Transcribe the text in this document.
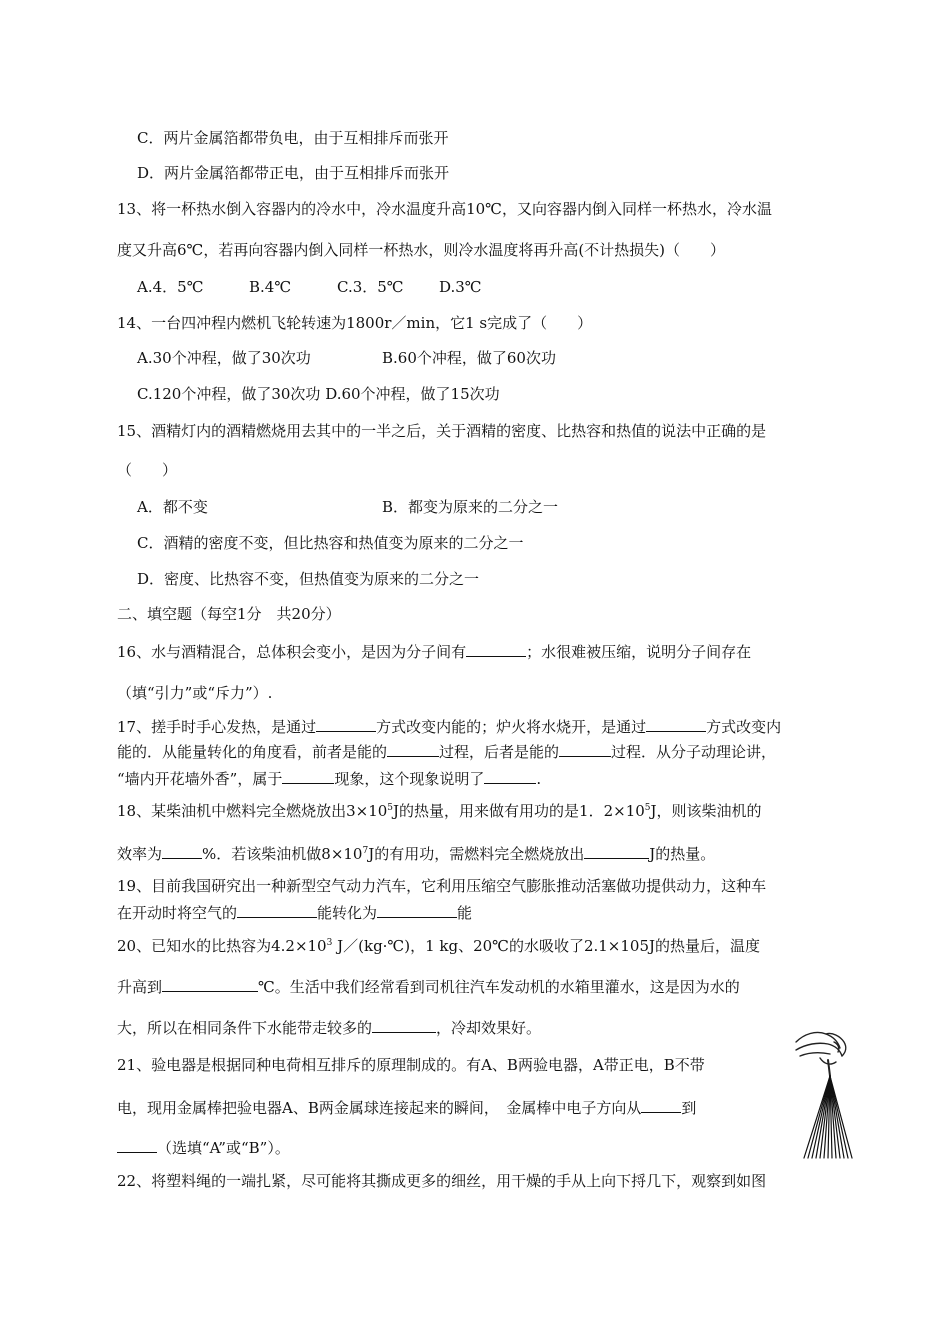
C．两片金属箔都带负电，由于互相排斥而张开
D．两片金属箔都带正电，由于互相排斥而张开
13、将一杯热水倒入容器内的冷水中，冷水温度升高10℃，又向容器内倒入同样一杯热水，冷水温
度又升高6℃，若再向容器内倒入同样一杯热水，则冷水温度将再升高(不计热损失)（　　）
A.4．5℃	B.4℃	C.3．5℃ D.3℃
14、一台四冲程内燃机飞轮转速为1800r／min，它1 s完成了（　　）
A.30个冲程，做了30次功	B.60个冲程，做了60次功
C.120个冲程，做了30次功 D.60个冲程，做了15次功
15、酒精灯内的酒精燃烧用去其中的一半之后，关于酒精的密度、比热容和热值的说法中正确的是
（　　）
A．都不变	B．都变为原来的二分之一
C．酒精的密度不变，但比热容和热值变为原来的二分之一
D．密度、比热容不变，但热值变为原来的二分之一
二、填空题（每空1分　共20分）
16、水与酒精混合，总体积会变小，是因为分子间有	；水很难被压缩，说明分子间存在
（填“引力”或“斥力”）.
17、搓手时手心发热，是通过	方式改变内能的；炉火将水烧开，是通过	方式改变内
能的．从能量转化的角度看，前者是能的	过程，后者是能的	过程．从分子动理论讲，
“墙内开花墙外香”，属于	现象，这个现象说明了	.
18、某柴油机中燃料完全燃烧放出$3\times 10^5J$的热量，用来做有用功的是1．$2\times 10^5J$，则该柴油机的
效率为	%．若该柴油机做$8\times 10^7J$的有用功，需燃料完全燃烧放出	J的热量。
19、目前我国研究出一种新型空气动力汽车，它利用压缩空气膨胀推动活塞做功提供动力，这种车
在开动时将空气的	能转化为	能
20、已知水的比热容为$4.2\times 10^3$ J／(kg·℃)，1 kg、20℃的水吸收了2.1×105J的热量后，温度
升高到	℃。生活中我们经常看到司机往汽车发动机的水箱里灌水，这是因为水的
大，所以在相同条件下水能带走较多的	，冷却效果好。
21、验电器是根据同种电荷相互排斥的原理制成的。有A、B两验电器，A带正电，B不带
电，现用金属棒把验电器A、B两金属球连接起来的瞬间，　金属棒中电子方向从	到
（选填“A”或“B”）。
22、将塑料绳的一端扎紧，尽可能将其撕成更多的细丝，用干燥的手从上向下捋几下，观察到如图
